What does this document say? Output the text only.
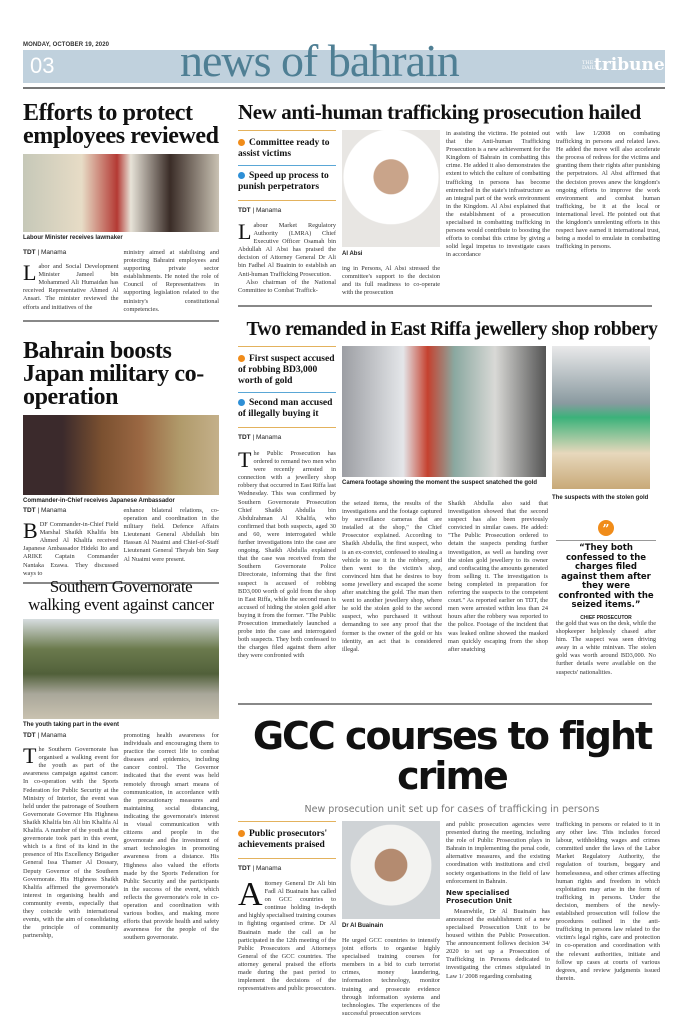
MONDAY, OCTOBER 19, 2020
03	news of bahrain	THE DAILYtribune
Efforts to protect employees reviewed
Labour Minister receives lawmaker
TDT | Manama

Labor and Social Development Minister Jameel bin Mohammed Ali Humaidan has received Representative Ahmed Al Ansari. The minister reviewed the efforts and initiatives of the

ministry aimed at stabilising and protecting Bahraini employees and supporting private sector establishments. He noted the role of Council of Representatives in supporting legislation related to the ministry's constitutional competencies.

New anti-human trafficking prosecution hailed
Committee ready to assist victims
Speed up process to punish perpetrators
TDT | Manama

Labour Market Regulatory Authority (LMRA) Chief Executive Officer Osamah bin Abdullah Al Absi has praised the decision of Attorney General Dr Ali bin Fadhel Al Buainin to establish an Anti-human Trafficking Prosecution.

Also chairman of the National Committee to Combat Traffick-

Al Absi

ing in Persons, Al Absi stressed the committee's support to the decision and its full readiness to co-operate with the prosecution

in assisting the victims. He pointed out that the Anti-human Trafficking Prosecution is a new achievement for the Kingdom of Bahrain in combatting this crime. He added it also demonstrates the extent to which the culture of combatting trafficking in persons has become entrenched in the state's infrastructure as an integral part of the work environment in the Kingdom. Al Absi explained that the establishment of a prosecution specialised in combatting trafficking in persons would contribute to boosting the efforts to combat this crime by giving a solid legal impetus to investigate cases in accordance

with law 1/2008 on combating trafficking in persons and related laws. He added the move will also accelerate the process of redress for the victims and granting them their rights after punishing the perpetrators. Al Absi affirmed that the decision proves anew the kingdom's ongoing efforts to improve the work environment and combat human trafficking, be it at the local or international level. He pointed out that the kingdom's unrelenting efforts in this respect have earned it international trust, being a model to emulate in combatting trafficking in persons.

Bahrain boosts Japan military co-operation
Commander-in-Chief receives Japanese Ambassador
TDT | Manama

BDF Commander-in-Chief Field Marshal Shaikh Khalifa bin Ahmed Al Khalifa received Japanese Ambassador Hideki Ito and ARIKE Captain Commander Nantaka Ezawa. They discussed ways to

enhance bilateral relations, co-operation and coordination in the military field. Defence Affairs Lieutenant General Abdullah bin Hassan Al Nuaimi and Chief-of-Staff Lieutenant General Theyab bin Saqr Al Nuaimi were present.

Southern Governorate walking event against cancer
The youth taking part in the event
TDT | Manama

The Southern Governorate has organised a walking event for the youth as part of the awareness campaign against cancer. In co-operation with the Sports Federation for Public Security at the Ministry of Interior, the event was held under the patronage of Southern Governorate Governor His Highness Shaikh Khalifa bin Ali bin Khalifa Al Khalifa. A number of the youth at the governorate took part in this event, which is a first of its kind in the presence of His Excellency Brigadier General Issa Thamer Al Dossary, Deputy Governor of the Southern Governorate. His Highness Shaikh Khalifa affirmed the governorate's interest in organising health and community events, especially that they coincide with international events, with the aim of consolidating the principle of community partnership,

promoting health awareness for individuals and encouraging them to practice the correct life to combat diseases and epidemics, including cancer control. The Governor indicated that the event was held remotely through smart means of communication, in accordance with the precautionary measures and maintaining social distancing, indicating the governorate's interest in visual communication with citizens and people in the governorate and the investment of smart technologies in promoting awareness from a distance. His Highness also valued the efforts made by the Sports Federation for Public Security and the participants in the success of the event, which reflects the governorate's role in co-operation and coordination with various bodies, and making more efforts that provide health and safety awareness for the people of the southern governorate.

Two remanded in East Riffa jewellery shop robbery
First suspect accused of robbing BD3,000 worth of gold
Second man accused of illegally buying it
TDT | Manama
Camera footage showing the moment the suspect snatched the gold
The suspects with the stolen gold

The Public Prosecution has ordered to remand two men who were recently arrested in connection with a jewellery shop robbery that occurred in East Riffa last Wednesday. This was confirmed by Southern Governorate Prosecution Chief Shaikh Abdulla bin Abdulrahman Al Khalifa, who confirmed that both suspects, aged 30 and 60, were interrogated while further investigations into the case are ongoing. Shaikh Abdulla explained that the case was received from the Southern Governorate Police Directorate, informing that the first suspect is accused of robbing BD3,000 worth of gold from the shop in East Riffa, while the second man is accused of hiding the stolen gold after buying it from the former. "The Public Prosecution immediately launched a probe into the case and interrogated both suspects. They both confessed to the charges filed against them after they were confronted with

the seized items, the results of the investigations and the footage captured by surveillance cameras that are installed at the shop," the Chief Prosecutor explained. According to Shaikh Abdulla, the first suspect, who is an ex-convict, confessed to stealing a vehicle to use it in the robbery, and then went to the victim's shop, convinced him that he desires to buy some jewellery and escaped the scene after snatching the gold. The man then went to another jewellery shop, where he sold the stolen gold to the second suspect, who purchased it without demanding to see any proof that the former is the owner of the gold or his identity, an act that is considered illegal.

Shaikh Abdulla also said that investigation showed that the second suspect has also been previously convicted in similar cases. He added: "The Public Prosecution ordered to detain the suspects pending further investigation, as well as handing over the stolen gold jewellery to its owner and confiscating the amounts generated from selling it. The investigation is being completed in preparation for referring the suspects to the competent court." As reported earlier on TDT, the men were arrested within less than 24 hours after the robbery was reported to the police. Footage of the incident that was leaked online showed the masked man quickly escaping from the shop after snatching

”
“They both confessed to the charges filed against them after they were confronted with the seized items.”
CHIEF PROSECUTOR

the gold that was on the desk, while the shopkeeper helplessly chased after him. The suspect was seen driving away in a white minivan. The stolen gold was worth around BD3,000. No further details were available on the suspects' nationalities.

GCC courses to fight crime
New prosecution unit set up for cases of trafficking in persons
Public prosecutors' achievements praised
TDT | Manama

Attorney General Dr Ali bin Fadl Al Buainain has called on GCC countries to continue holding in-depth and highly specialised training courses in fighting organised crime. Dr Al Buainain made the call as he participated in the 12th meeting of the Public Prosecutors and Attorneys General of the GCC countries. The attorney general praised the efforts made during the past period to implement the decisions of the representatives and public prosecutors.

Dr Al Buainain

He urged GCC countries to intensify joint efforts to organise highly specialised training courses for members in a bid to curb terrorist crimes, money laundering, information technology, monitor training and prosecute evidence through information systems and technologies. The experiences of the successful prosecution services

and public prosecution agencies were presented during the meeting, including the role of Public Prosecution plays in Bahrain in implementing the penal code, alternative measures, and the existing coordination with institutions and civil society organisations in the field of law enforcement in Bahrain.

New specialised Prosecution Unit

Meanwhile, Dr Al Buainain has announced the establishment of a new specialised Prosecution Unit to be housed within the Public Prosecution. The announcement follows decision 34/ 2020 to set up a Prosecution of Trafficking in Persons dedicated to investigating the crimes stipulated in Law 1/ 2008 regarding combating

trafficking in persons or related to it in any other law. This includes forced labour, withholding wages and crimes committed under the laws of the Labor Market Regulatory Authority, the regulation of tourism, beggary and homelessness, and other crimes affecting human rights and freedom in which exploitation may arise in the form of trafficking in persons. Under the decision, members of the newly-established prosecution will follow the procedures outlined in the anti-trafficking in persons law related to the victim's legal rights, care and protection in co-operation and coordination with the relevant authorities, initiate and follow up cases at courts of various degrees, and review judgments issued therein.
